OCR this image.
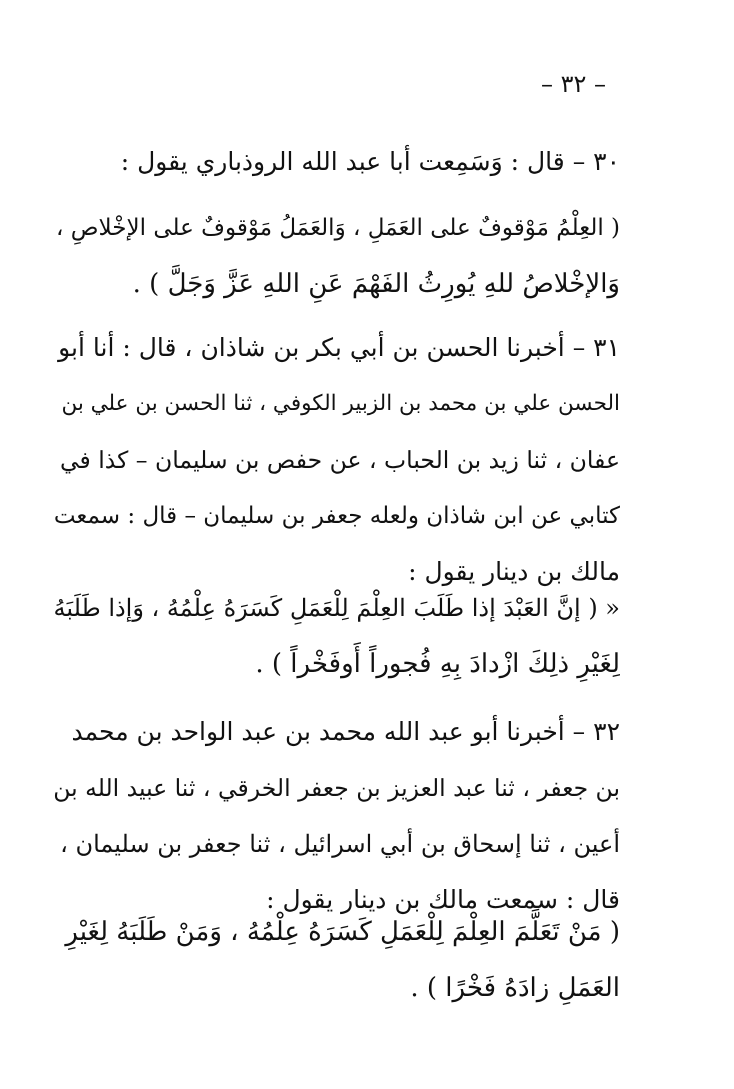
– ٣٢ –
٣٠ – قال : وَسَمِعت أبا عبد الله الروذباري يقول :
( العِلْمُ مَوْقوفٌ على العَمَلِ ، وَالعَمَلُ مَوْقوفٌ على الإخْلاصِ ،
وَالإخْلاصُ للهِ يُورِثُ الفَهْمَ عَنِ اللهِ عَزَّ وَجَلَّ ) .
٣١ – أخبرنا الحسن بن أبي بكر بن شاذان ، قال : أنا أبو
الحسن علي بن محمد بن الزبير الكوفي ، ثنا الحسن بن علي بن
عفان ، ثنا زيد بن الحباب ، عن حفص بن سليمان – كذا في
كتابي عن ابن شاذان ولعله جعفر بن سليمان – قال : سمعت
مالك بن دينار يقول :
« ( إنَّ العَبْدَ إذا طَلَبَ العِلْمَ لِلْعَمَلِ كَسَرَهُ عِلْمُهُ ، وَإذا طَلَبَهُ
لِغَيْرِ ذلِكَ ازْدادَ بِهِ فُجوراً أَوفَخْراً ) .
٣٢ – أخبرنا أبو عبد الله محمد بن عبد الواحد بن محمد
بن جعفر ، ثنا عبد العزيز بن جعفر الخرقي ، ثنا عبيد الله بن
أعين ، ثنا إسحاق بن أبي اسرائيل ، ثنا جعفر بن سليمان ،
قال : سمعت مالك بن دينار يقول :
( مَنْ تَعَلَّمَ العِلْمَ لِلْعَمَلِ كَسَرَهُ عِلْمُهُ ، وَمَنْ طَلَبَهُ لِغَيْرِ
العَمَلِ زادَهُ فَخْرًا ) .
